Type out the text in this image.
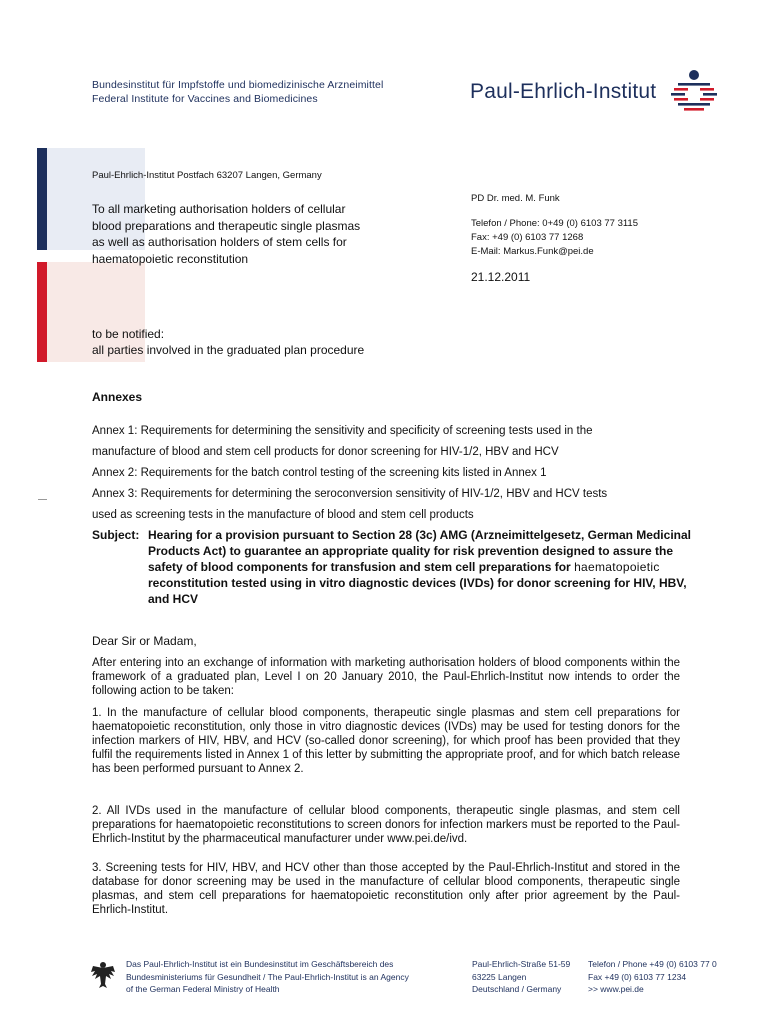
Bundesinstitut für Impfstoffe und biomedizinische Arzneimittel
Federal Institute for Vaccines and Biomedicines	Paul-Ehrlich-Institut
Paul-Ehrlich-Institut Postfach 63207 Langen, Germany
To all marketing authorisation holders of cellular
blood preparations and therapeutic single plasmas
as well as authorisation holders of stem cells for
haematopoietic reconstitution
PD Dr. med. M. Funk
Telefon / Phone: 0+49 (0) 6103 77 3115
Fax: +49 (0) 6103 77 1268
E-Mail: Markus.Funk@pei.de
21.12.2011
to be notified:
all parties involved in the graduated plan procedure
Annexes
Annex 1: Requirements for determining the sensitivity and specificity of screening tests used in the
manufacture of blood and stem cell products for donor screening for HIV-1/2, HBV and HCV
Annex 2: Requirements for the batch control testing of the screening kits listed in Annex 1
Annex 3: Requirements for determining the seroconversion sensitivity of HIV-1/2, HBV and HCV tests
used as screening tests in the manufacture of blood and stem cell products
Subject: Hearing for a provision pursuant to Section 28 (3c) AMG (Arzneimittelgesetz, German Medicinal Products Act) to guarantee an appropriate quality for risk prevention designed to assure the safety of blood components for transfusion and stem cell preparations for haematopoietic reconstitution tested using in vitro diagnostic devices (IVDs) for donor screening for HIV, HBV, and HCV
Dear Sir or Madam,
After entering into an exchange of information with marketing authorisation holders of blood components within the framework of a graduated plan, Level I on 20 January 2010, the Paul-Ehrlich-Institut now intends to order the following action to be taken:
1. In the manufacture of cellular blood components, therapeutic single plasmas and stem cell preparations for haematopoietic reconstitution, only those in vitro diagnostic devices (IVDs) may be used for testing donors for the infection markers of HIV, HBV, and HCV (so-called donor screening), for which proof has been provided that they fulfil the requirements listed in Annex 1 of this letter by submitting the appropriate proof, and for which batch release has been performed pursuant to Annex 2.
2. All IVDs used in the manufacture of cellular blood components, therapeutic single plasmas, and stem cell preparations for haematopoietic reconstitutions to screen donors for infection markers must be reported to the Paul-Ehrlich-Institut by the pharmaceutical manufacturer under www.pei.de/ivd.
3. Screening tests for HIV, HBV, and HCV other than those accepted by the Paul-Ehrlich-Institut and stored in the database for donor screening may be used in the manufacture of cellular blood components, therapeutic single plasmas, and stem cell preparations for haematopoietic reconstitution only after prior agreement by the Paul-Ehrlich-Institut.
Das Paul-Ehrlich-Institut ist ein Bundesinstitut im Geschäftsbereich des
Bundesministeriums für Gesundheit / The Paul-Ehrlich-Institut is an Agency
of the German Federal Ministry of Health
Paul-Ehrlich-Straße 51-59
63225 Langen
Deutschland / Germany
Telefon / Phone +49 (0) 6103 77 0
Fax +49 (0) 6103 77 1234
>> www.pei.de
